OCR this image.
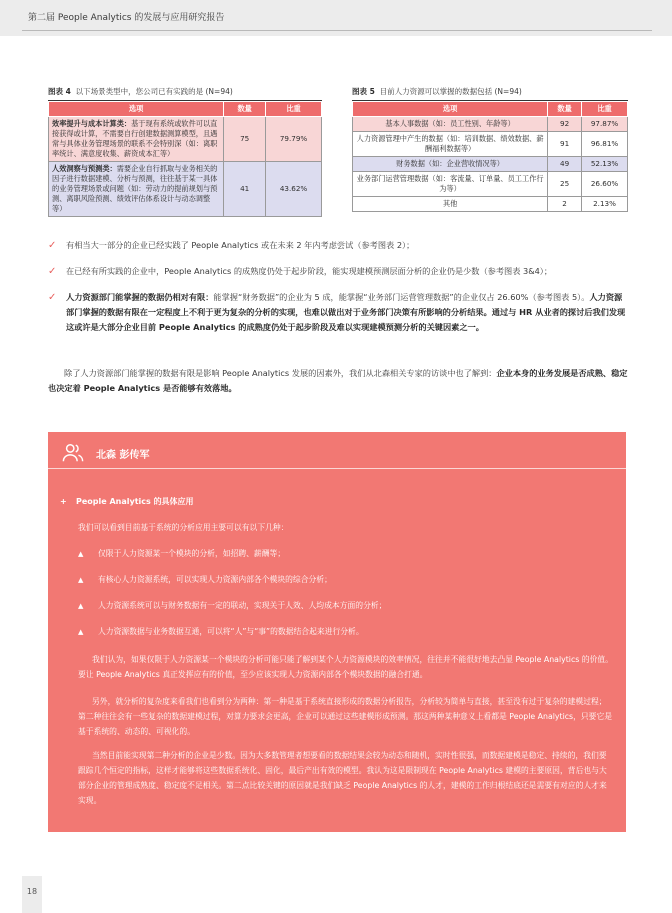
第二届 People Analytics 的发展与应用研究报告
图表 4 以下场景类型中，您公司已有实践的是 (N=94)
选项	数量	比重
效率提升与成本计算类：基于现有系统或软件可以直接获得或计算，不需要自行创建数据测算模型，且遇常与具体业务管理场景的联系不会特别深（如：离职率统计、满意度收集、薪资成本汇等）	75	79.79%
人效洞察与预测类：需要企业自行抓取与业务相关的因子进行数据建模、分析与预测，往往基于某一具体的业务管理场景或问题（如：劳动力的提前规划与预测、离职风险预测、绩效评估体系设计与动态调整等）	41	43.62%
图表 5 目前人力资源可以掌握的数据包括 (N=94)
选项	数量	比重
基本人事数据（如：员工性别、年龄等）	92	97.87%
人力资源管理中产生的数据（如：培训数据、绩效数据、薪酬福利数据等）	91	96.81%
财务数据（如：企业营收情况等）	49	52.13%
业务部门运营管理数据（如：客流量、订单量、员工工作行为等）	25	26.60%
其他	2	2.13%
✓ 有相当大一部分的企业已经实践了 People Analytics 或在未来 2 年内考虑尝试（参考图表 2）；
✓ 在已经有所实践的企业中，People Analytics 的成熟度仍处于起步阶段，能实现建模预测层面分析的企业仍是少数（参考图表 3&4）；
✓ 人力资源部门能掌握的数据仍相对有限：能掌握“财务数据”的企业为 5 成，能掌握“业务部门运营管理数据”的企业仅占 26.60%（参考图表 5）。人力资源部门掌握的数据有限在一定程度上不利于更为复杂的分析的实现，也难以做出对于业务部门决策有所影响的分析结果。通过与 HR 从业者的探讨后我们发现这或许是大部分企业目前 People Analytics 的成熟度仍处于起步阶段及难以实现建模预测分析的关键因素之一。
除了人力资源部门能掌握的数据有限是影响 People Analytics 发展的因素外，我们从北森相关专家的访谈中也了解到：企业本身的业务发展是否成熟、稳定也决定着 People Analytics 是否能够有效落地。
北森 彭传军
+ People Analytics 的具体应用
我们可以看到目前基于系统的分析应用主要可以有以下几种：
▲ 仅限于人力资源某一个模块的分析，如招聘、薪酬等；
▲ 有核心人力资源系统，可以实现人力资源内部各个模块的综合分析；
▲ 人力资源系统可以与财务数据有一定的联动，实现关于人效、人均成本方面的分析；
▲ 人力资源数据与业务数据互通，可以将“人”与“事”的数据结合起来进行分析。
我们认为，如果仅限于人力资源某一个模块的分析可能只能了解到某个人力资源模块的效率情况，往往并不能很好地去凸显 People Analytics 的价值。要让 People Analytics 真正发挥应有的价值，至少应该实现人力资源内部各个模块数据的融合打通。
另外，就分析的复杂度来看我们也看到分为两种：第一种是基于系统直接形成的数据分析报告，分析较为简单与直接，甚至没有过于复杂的建模过程；第二种往往会有一些复杂的数据建模过程，对算力要求会更高，企业可以通过这些建模形成预测。那这两种某种意义上看都是 People Analytics，只要它是基于系统的、动态的、可视化的。
当然目前能实现第二种分析的企业是少数。因为大多数管理者想要看的数据结果会较为动态和随机，实时性很强，而数据建模是稳定、持续的，我们要跟踪几个恒定的指标，这样才能够将这些数据系统化、固化，最后产出有效的模型。我认为这是限制现在 People Analytics 建模的主要原因，背后也与大部分企业的管理成熟度、稳定度不足相关。第二点比较关键的原因就是我们缺乏 People Analytics 的人才，建模的工作归根结底还是需要有对应的人才来实现。
18
